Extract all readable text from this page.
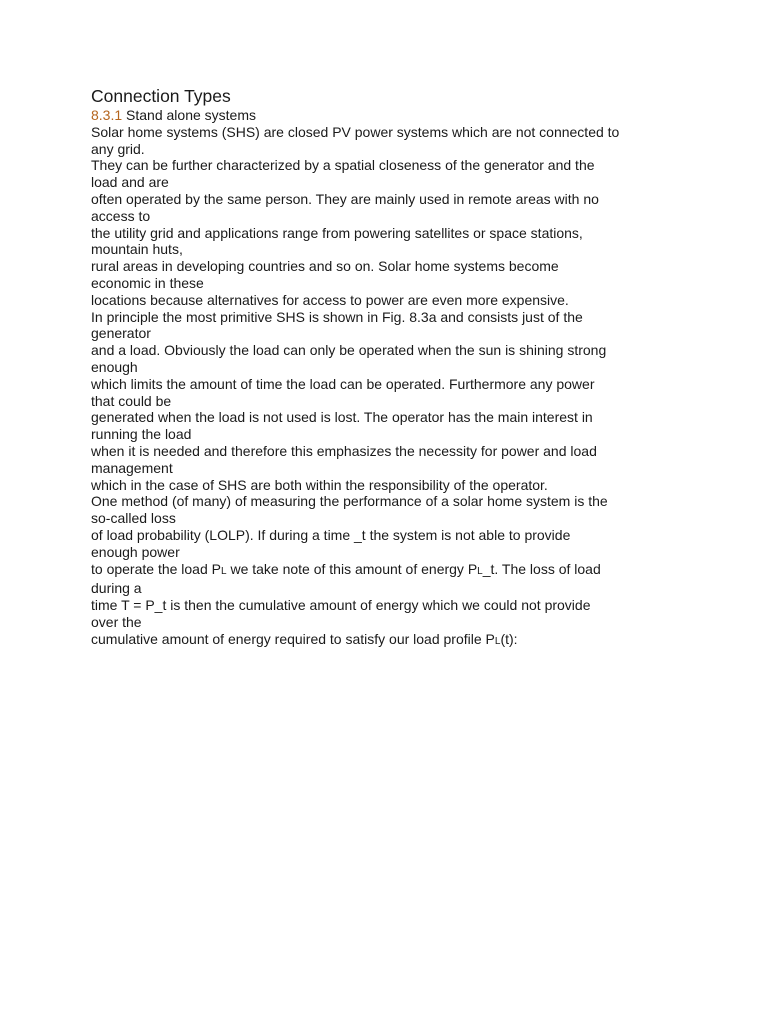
Connection Types
8.3.1 Stand alone systems
Solar home systems (SHS) are closed PV power systems which are not connected to
any grid.
They can be further characterized by a spatial closeness of the generator and the
load and are
often operated by the same person. They are mainly used in remote areas with no
access to
the utility grid and applications range from powering satellites or space stations,
mountain huts,
rural areas in developing countries and so on. Solar home systems become
economic in these
locations because alternatives for access to power are even more expensive.
In principle the most primitive SHS is shown in Fig. 8.3a and consists just of the
generator
and a load. Obviously the load can only be operated when the sun is shining strong
enough
which limits the amount of time the load can be operated. Furthermore any power
that could be
generated when the load is not used is lost. The operator has the main interest in
running the load
when it is needed and therefore this emphasizes the necessity for power and load
management
which in the case of SHS are both within the responsibility of the operator.
One method (of many) of measuring the performance of a solar home system is the
so-called loss
of load probability (LOLP). If during a time _t the system is not able to provide
enough power
to operate the load PL we take note of this amount of energy PL_t. The loss of load
during a
time T = P_t is then the cumulative amount of energy which we could not provide
over the
cumulative amount of energy required to satisfy our load profile PL(t):
